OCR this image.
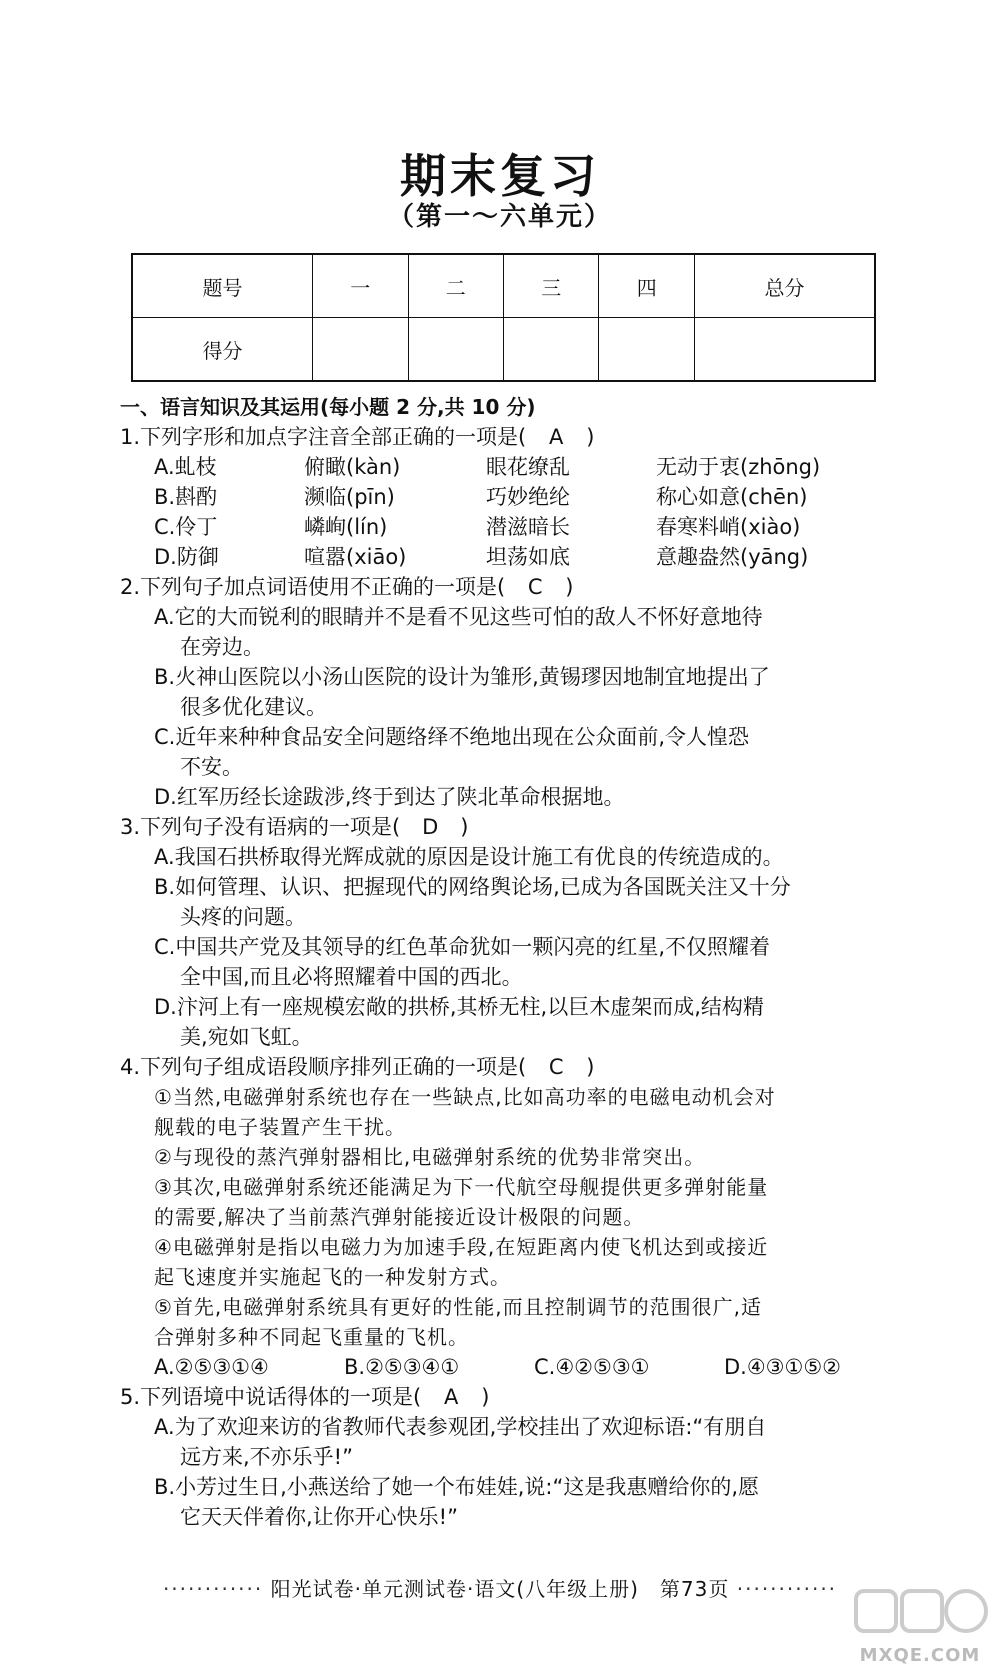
期末复习
（第一～六单元）
题号	一	二	三	四	总分
得分					

一、语言知识及其运用(每小题 2 分,共 10 分)

1.下列字形和加点字注音全部正确的一项是( A )

A.虬枝	俯瞰(kàn)	眼花缭乱	无动于衷(zhōng)
B.斟酌	濒临(pīn)	巧妙绝纶	称心如意(chēn)
C.伶丁	嶙峋(lín)	潜滋暗长	春寒料峭(xiào)
D.防御	喧嚣(xiāo)	坦荡如底	意趣盎然(yāng)

2.下列句子加点词语使用不正确的一项是( C )

A.它的大而锐利的眼睛并不是看不见这些可怕的敌人不怀好意地待

在旁边。

B.火神山医院以小汤山医院的设计为雏形,黄锡璆因地制宜地提出了

很多优化建议。

C.近年来种种食品安全问题络绎不绝地出现在公众面前,令人惶恐

不安。

D.红军历经长途跋涉,终于到达了陕北革命根据地。

3.下列句子没有语病的一项是( D )

A.我国石拱桥取得光辉成就的原因是设计施工有优良的传统造成的。

B.如何管理、认识、把握现代的网络舆论场,已成为各国既关注又十分

头疼的问题。

C.中国共产党及其领导的红色革命犹如一颗闪亮的红星,不仅照耀着

全中国,而且必将照耀着中国的西北。

D.汴河上有一座规模宏敞的拱桥,其桥无柱,以巨木虚架而成,结构精

美,宛如飞虹。

4.下列句子组成语段顺序排列正确的一项是( C )

①当然,电磁弹射系统也存在一些缺点,比如高功率的电磁电动机会对

舰载的电子装置产生干扰。

②与现役的蒸汽弹射器相比,电磁弹射系统的优势非常突出。

③其次,电磁弹射系统还能满足为下一代航空母舰提供更多弹射能量

的需要,解决了当前蒸汽弹射能接近设计极限的问题。

④电磁弹射是指以电磁力为加速手段,在短距离内使飞机达到或接近

起飞速度并实施起飞的一种发射方式。

⑤首先,电磁弹射系统具有更好的性能,而且控制调节的范围很广,适

合弹射多种不同起飞重量的飞机。

A.②⑤③①④	B.②⑤③④①	C.④②⑤③①	D.④③①⑤②

5.下列语境中说话得体的一项是( A )

A.为了欢迎来访的省教师代表参观团,学校挂出了欢迎标语:“有朋自

远方来,不亦乐乎!”

B.小芳过生日,小燕送给了她一个布娃娃,说:“这是我惠赠给你的,愿

它天天伴着你,让你开心快乐!”

············ 阳光试卷·单元测试卷·语文(八年级上册)　第73页 ············
MXQE.COM
